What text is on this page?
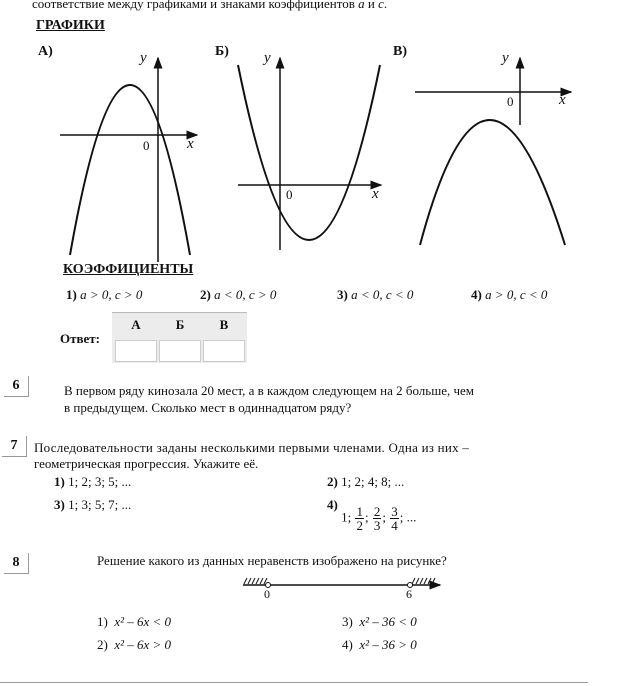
соответствие между графиками и знаками коэффициентов a и c.
ГРАФИКИ
А)	y
0	x
Б) y
0	x
В)	y
0	x
КОЭФФИЦИЕНТЫ
1) a > 0, c > 0	2) a < 0, c > 0	3) a < 0, c < 0	4) a > 0, c < 0
Ответ:
А	Б	В
6	В первом ряду кинозала 20 мест, а в каждом следующем на 2 больше, чем
в предыдущем. Сколько мест в одиннадцатом ряду?
7	Последовательности заданы несколькими первыми членами. Одна из них –
геометрическая прогрессия. Укажите её.
1) 1; 2; 3; 5; ...	2) 1; 2; 4; 8; ...
3) 1; 3; 5; 7; ...	4) 1; $\frac{1}{2}$ ; $\frac{2}{3}$ ; $\frac{3}{4}$ ; ...
8	Решение какого из данных неравенств изображено на рисунке?
0	6
1) x² – 6x < 0
2) x² – 6x > 0
3) x² – 36 < 0
4) x² – 36 > 0
